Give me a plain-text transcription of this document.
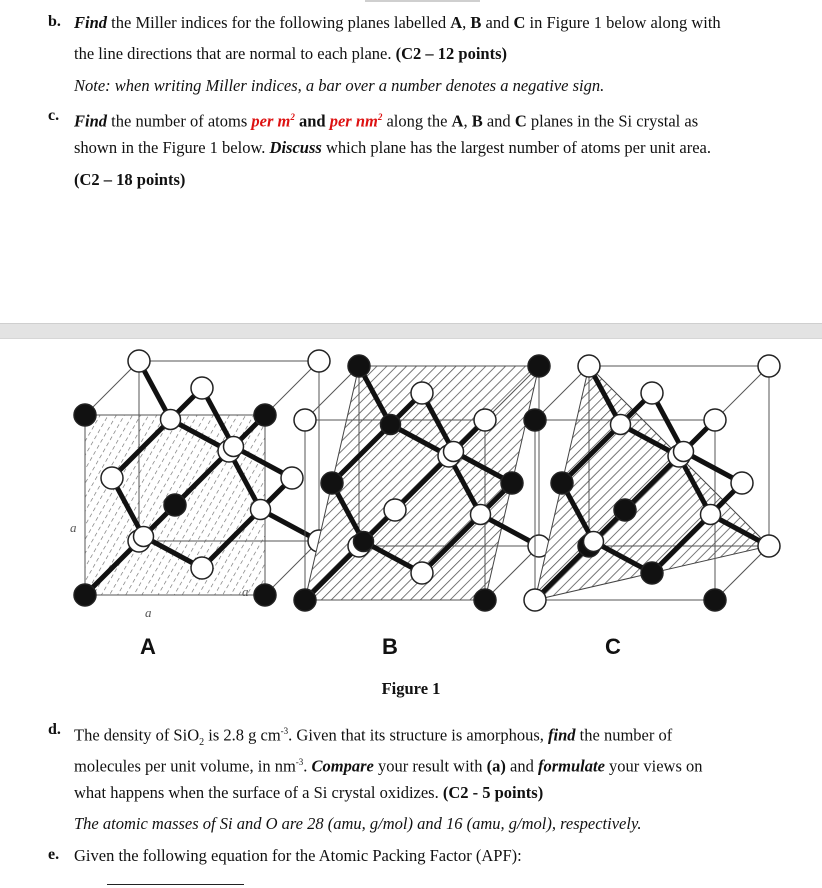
b. Find the Miller indices for the following planes labelled A, B and C in Figure 1 below along with
the line directions that are normal to each plane. (C2 – 12 points)
Note: when writing Miller indices, a bar over a number denotes a negative sign.
c. Find the number of atoms per $m^2$ and per $nm^2$ along the A, B and C planes in the Si crystal as
shown in the Figure 1 below. Discuss which plane has the largest number of atoms per unit area.
(C2 – 18 points)
a
a
a
A	B	C
Figure 1
d. The density of SiO$_2$ is 2.8 g $cm^{-3}$. Given that its structure is amorphous, find the number of
molecules per unit volume, in $nm^{-3}$. Compare your result with (a) and formulate your views on
what happens when the surface of a Si crystal oxidizes. (C2 - 5 points)
The atomic masses of Si and O are 28 (amu, g/mol) and 16 (amu, g/mol), respectively.
e. Given the following equation for the Atomic Packing Factor (APF):
